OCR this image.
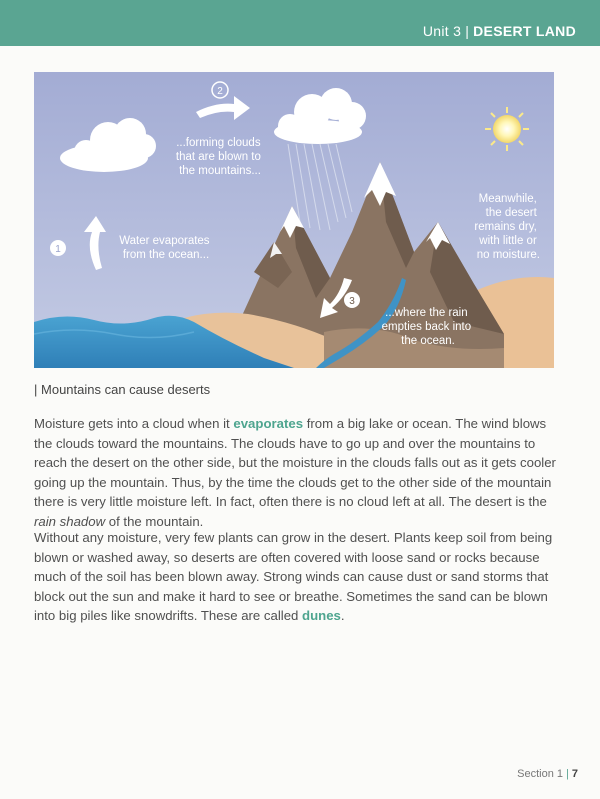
Unit 3 | DESERT LAND
1
2
3
Water evaporates from the ocean...
...forming clouds that are blown to the mountains...
...where the rain empties back into the ocean.
Meanwhile, the desert remains dry, with little or no moisture.
| Mountains can cause deserts
Moisture gets into a cloud when it evaporates from a big lake or ocean. The wind blows the clouds toward the mountains. The clouds have to go up and over the mountains to reach the desert on the other side, but the moisture in the clouds falls out as it gets cooler going up the mountain. Thus, by the time the clouds get to the other side of the mountain there is very little moisture left. In fact, often there is no cloud left at all. The desert is the rain shadow of the mountain.
Without any moisture, very few plants can grow in the desert. Plants keep soil from being blown or washed away, so deserts are often covered with loose sand or rocks because much of the soil has been blown away. Strong winds can cause dust or sand storms that block out the sun and make it hard to see or breathe. Sometimes the sand can be blown into big piles like snowdrifts. These are called dunes.
Section 1 | 7
